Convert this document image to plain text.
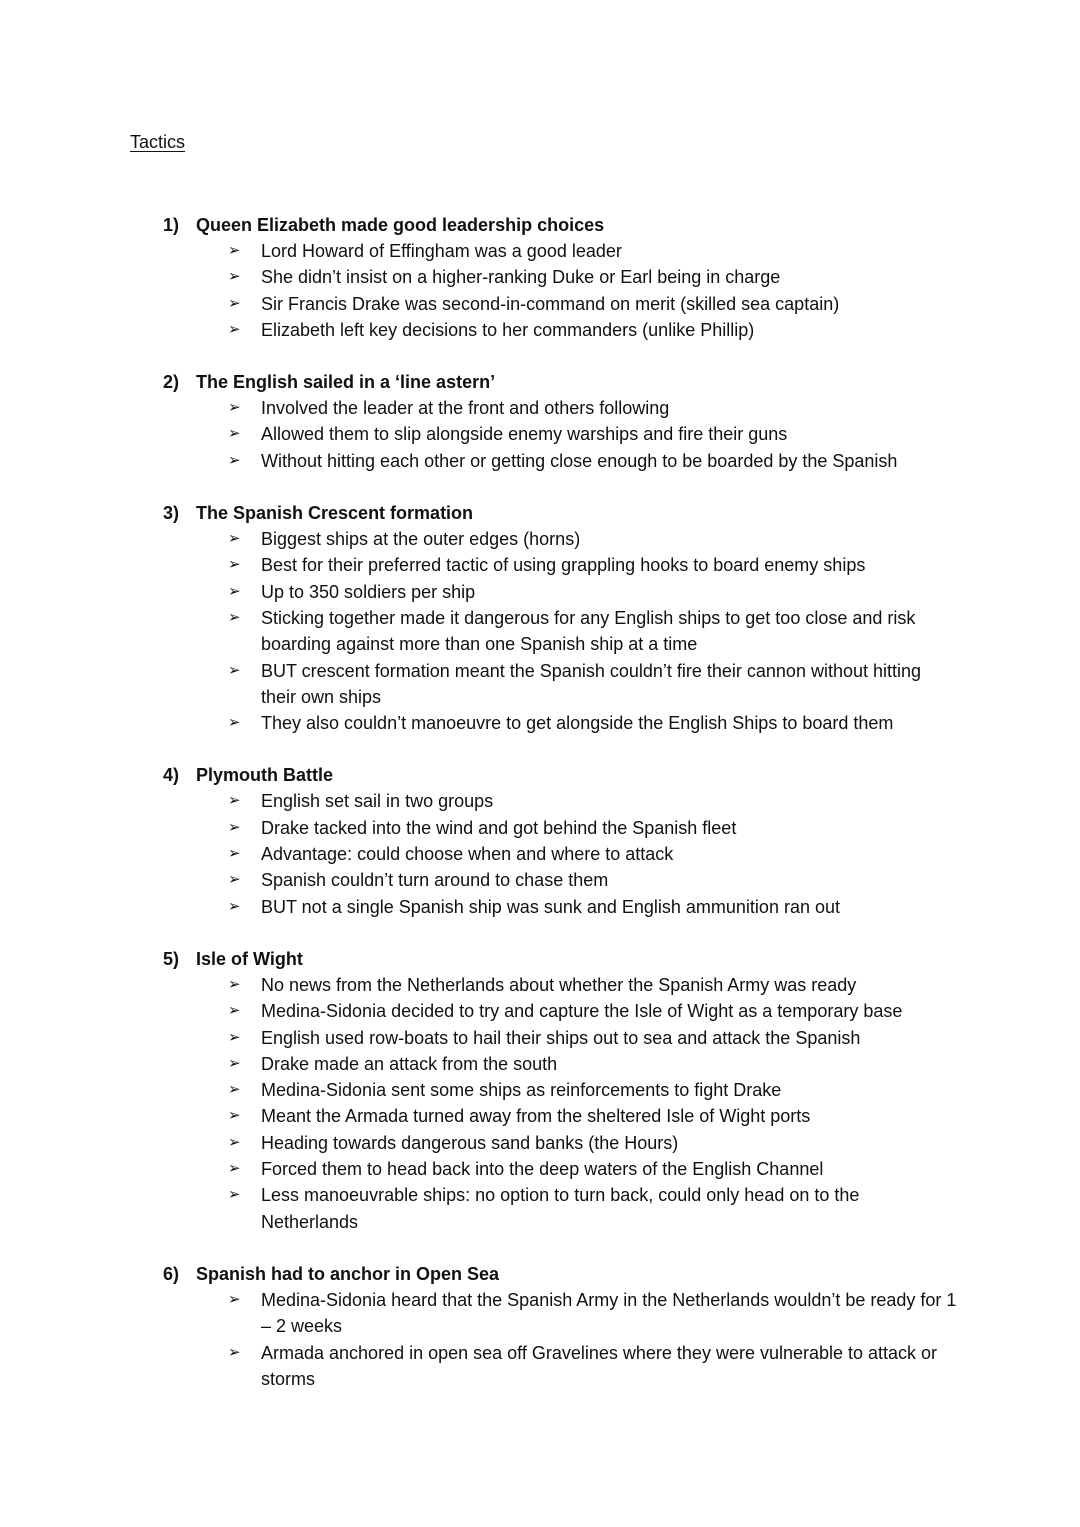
Tactics
1) Queen Elizabeth made good leadership choices
➢ Lord Howard of Effingham was a good leader
➢ She didn’t insist on a higher-ranking Duke or Earl being in charge
➢ Sir Francis Drake was second-in-command on merit (skilled sea captain)
➢ Elizabeth left key decisions to her commanders (unlike Phillip)
2) The English sailed in a ‘line astern’
➢ Involved the leader at the front and others following
➢ Allowed them to slip alongside enemy warships and fire their guns
➢ Without hitting each other or getting close enough to be boarded by the Spanish
3) The Spanish Crescent formation
➢ Biggest ships at the outer edges (horns)
➢ Best for their preferred tactic of using grappling hooks to board enemy ships
➢ Up to 350 soldiers per ship
➢ Sticking together made it dangerous for any English ships to get too close and risk boarding against more than one Spanish ship at a time
➢ BUT crescent formation meant the Spanish couldn’t fire their cannon without hitting their own ships
➢ They also couldn’t manoeuvre to get alongside the English Ships to board them
4) Plymouth Battle
➢ English set sail in two groups
➢ Drake tacked into the wind and got behind the Spanish fleet
➢ Advantage: could choose when and where to attack
➢ Spanish couldn’t turn around to chase them
➢ BUT not a single Spanish ship was sunk and English ammunition ran out
5) Isle of Wight
➢ No news from the Netherlands about whether the Spanish Army was ready
➢ Medina-Sidonia decided to try and capture the Isle of Wight as a temporary base
➢ English used row-boats to hail their ships out to sea and attack the Spanish
➢ Drake made an attack from the south
➢ Medina-Sidonia sent some ships as reinforcements to fight Drake
➢ Meant the Armada turned away from the sheltered Isle of Wight ports
➢ Heading towards dangerous sand banks (the Hours)
➢ Forced them to head back into the deep waters of the English Channel
➢ Less manoeuvrable ships: no option to turn back, could only head on to the Netherlands
6) Spanish had to anchor in Open Sea
➢ Medina-Sidonia heard that the Spanish Army in the Netherlands wouldn’t be ready for 1 – 2 weeks
➢ Armada anchored in open sea off Gravelines where they were vulnerable to attack or storms
